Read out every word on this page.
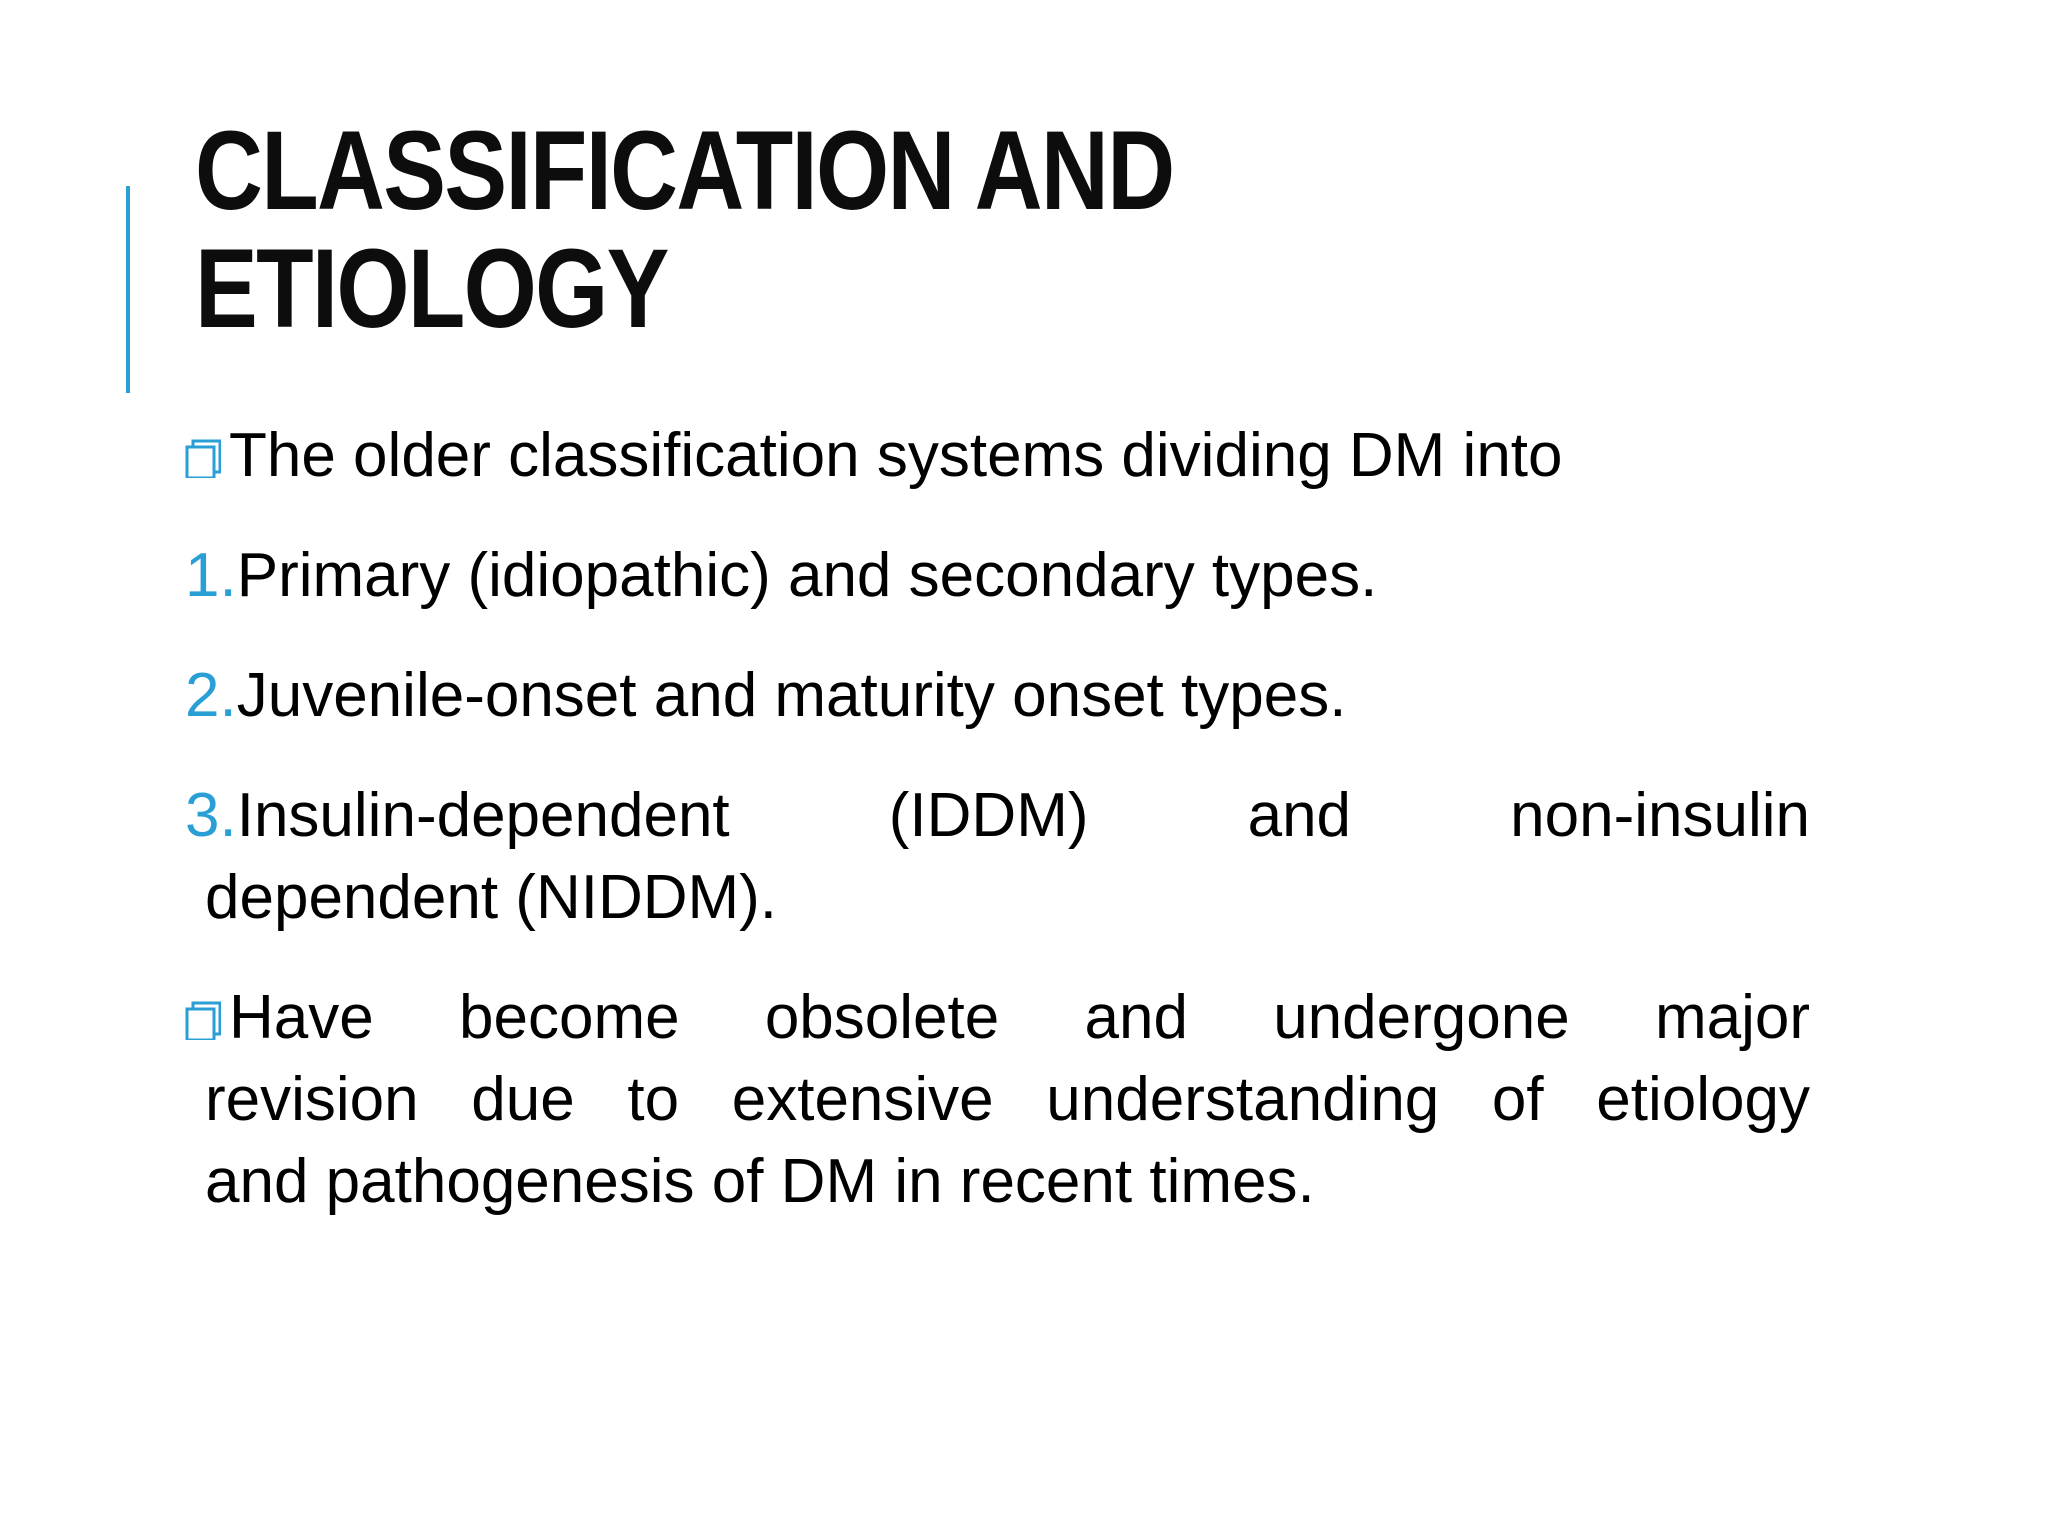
CLASSIFICATION AND
ETIOLOGY

The older classification systems dividing DM into

1.Primary (idiopathic) and secondary types.

2.Juvenile-onset and maturity onset types.

3.Insulin-dependent (IDDM) and non-insulin
dependent (NIDDM).
Have become obsolete and undergone major
revision due to extensive understanding of etiology
and pathogenesis of DM in recent times.
